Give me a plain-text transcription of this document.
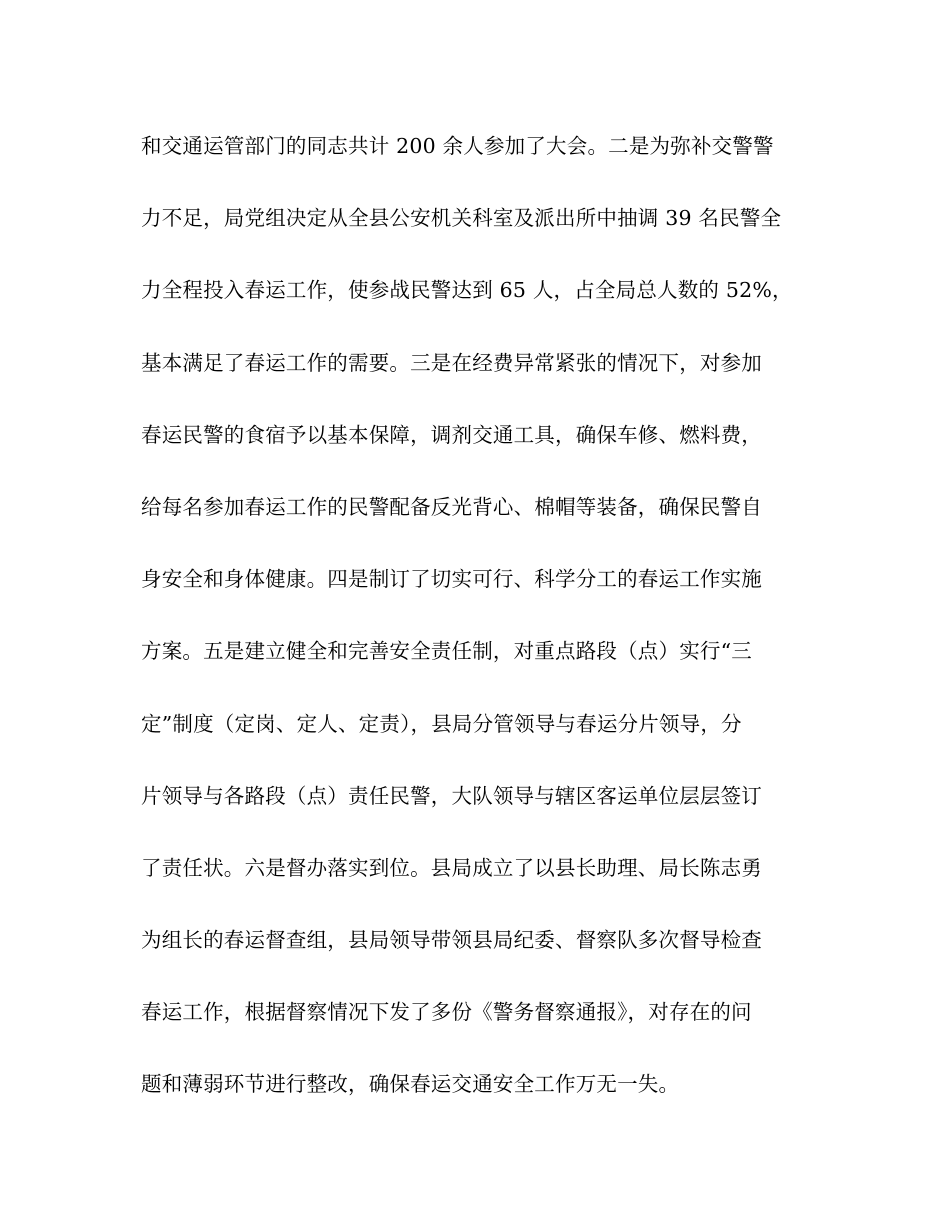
和交通运管部门的同志共计 200 余人参加了大会。二是为弥补交警警
力不足，局党组决定从全县公安机关科室及派出所中抽调 39 名民警全
力全程投入春运工作，使参战民警达到 65 人，占全局总人数的 52%，
基本满足了春运工作的需要。三是在经费异常紧张的情况下，对参加
春运民警的食宿予以基本保障，调剂交通工具，确保车修、燃料费，
给每名参加春运工作的民警配备反光背心、棉帽等装备，确保民警自
身安全和身体健康。四是制订了切实可行、科学分工的春运工作实施
方案。五是建立健全和完善安全责任制，对重点路段（点）实行“三
定”制度（定岗、定人、定责），县局分管领导与春运分片领导，分
片领导与各路段（点）责任民警，大队领导与辖区客运单位层层签订
了责任状。六是督办落实到位。县局成立了以县长助理、局长陈志勇
为组长的春运督查组，县局领导带领县局纪委、督察队多次督导检查
春运工作，根据督察情况下发了多份《警务督察通报》，对存在的问
题和薄弱环节进行整改，确保春运交通安全工作万无一失。
